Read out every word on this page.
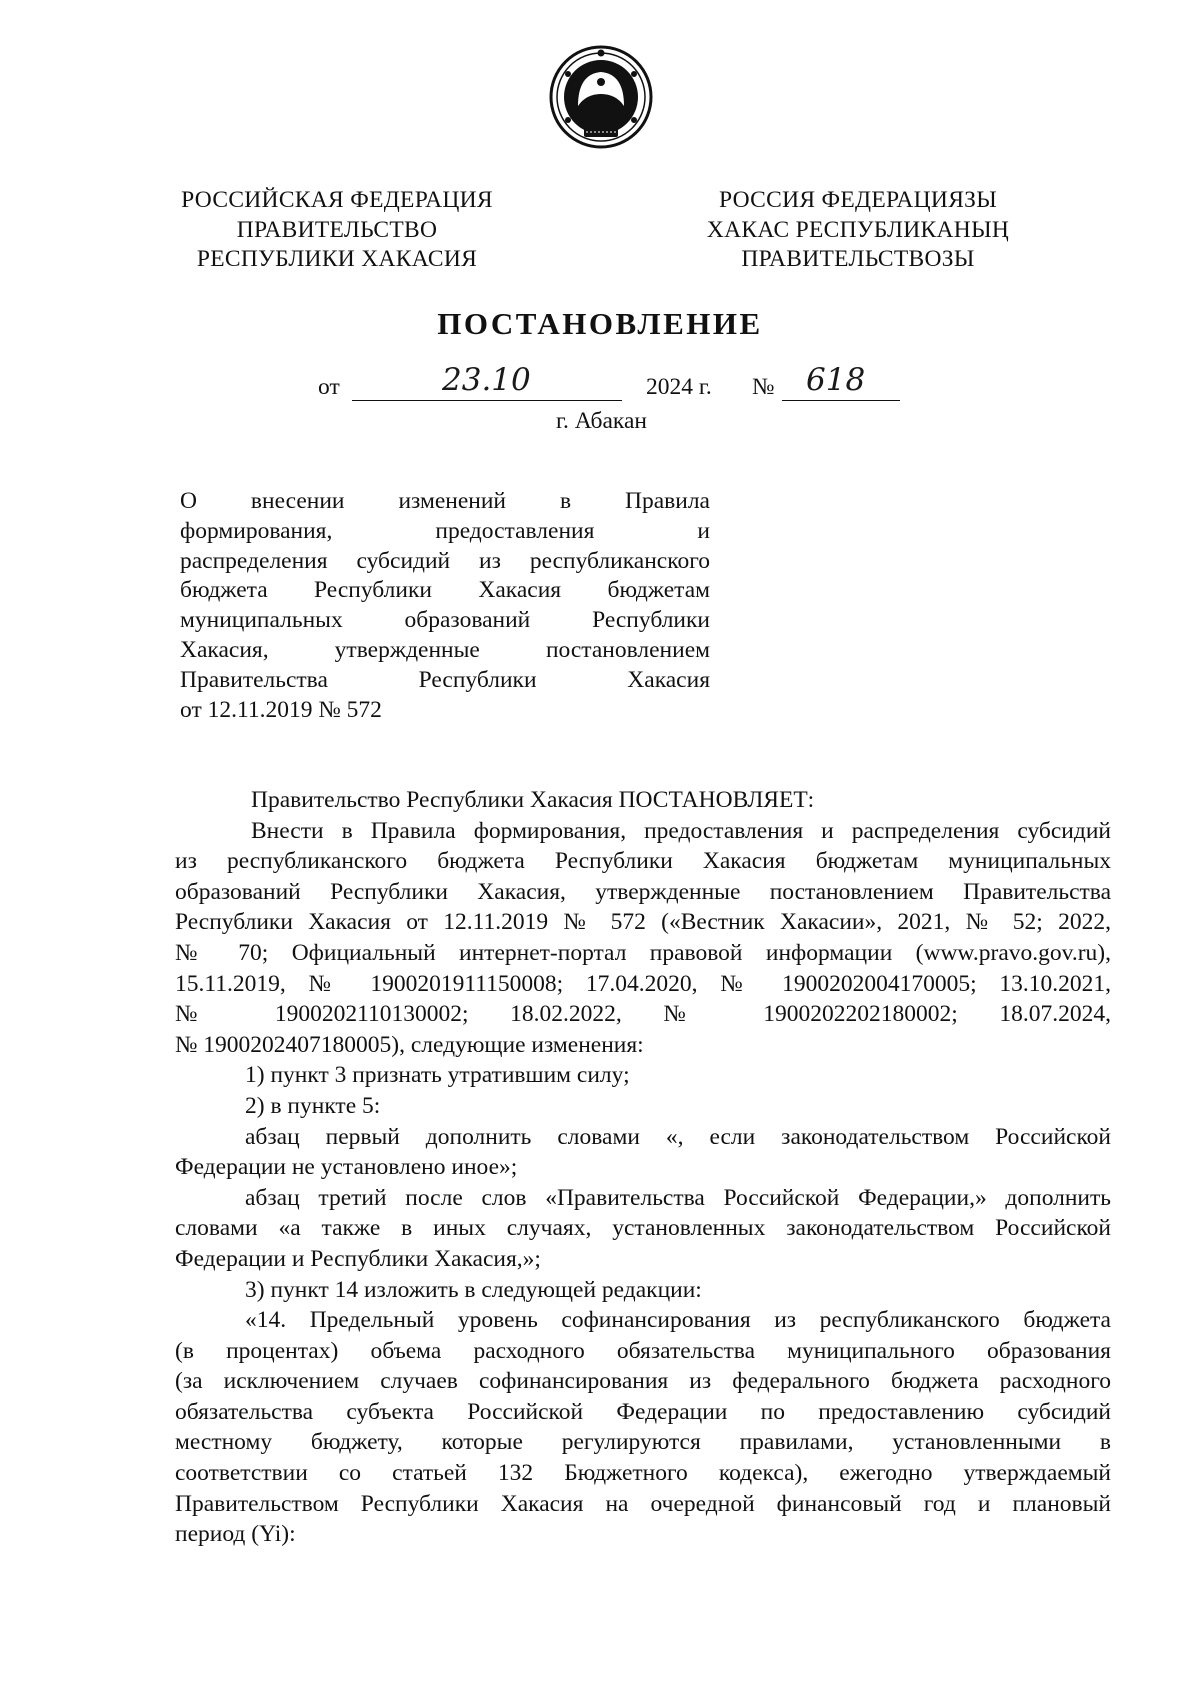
РОССИЙСКАЯ ФЕДЕРАЦИЯ
ПРАВИТЕЛЬСТВО
РЕСПУБЛИКИ ХАКАСИЯ
РОССИЯ ФЕДЕРАЦИЯЗЫ
ХАКАС РЕСПУБЛИКАНЫҢ
ПРАВИТЕЛЬСТВОЗЫ
ПОСТАНОВЛЕНИЕ
от	23.10	2024 г. № 618
г. Абакан
О внесении изменений в Правила
формирования, предоставления и
распределения субсидий из республиканского
бюджета Республики Хакасия бюджетам
муниципальных образований Республики
Хакасия, утвержденные постановлением
Правительства Республики Хакасия
от 12.11.2019 № 572
Правительство Республики Хакасия ПОСТАНОВЛЯЕТ:
Внести в Правила формирования, предоставления и распределения субсидий
из республиканского бюджета Республики Хакасия бюджетам муниципальных
образований Республики Хакасия, утвержденные постановлением Правительства
Республики Хакасия от 12.11.2019 № 572 («Вестник Хакасии», 2021, № 52; 2022,
№ 70; Официальный интернет-портал правовой информации (www.pravo.gov.ru),
15.11.2019, № 1900201911150008; 17.04.2020, № 1900202004170005; 13.10.2021,
№ 1900202110130002; 18.02.2022, № 1900202202180002; 18.07.2024,
№ 1900202407180005), следующие изменения:
1) пункт 3 признать утратившим силу;
2) в пункте 5:
абзац первый дополнить словами «, если законодательством Российской
Федерации не установлено иное»;
абзац третий после слов «Правительства Российской Федерации,» дополнить
словами «а также в иных случаях, установленных законодательством Российской
Федерации и Республики Хакасия,»;
3) пункт 14 изложить в следующей редакции:
«14. Предельный уровень софинансирования из республиканского бюджета
(в процентах) объема расходного обязательства муниципального образования
(за исключением случаев софинансирования из федерального бюджета расходного
обязательства субъекта Российской Федерации по предоставлению субсидий
местному бюджету, которые регулируются правилами, установленными в
соответствии со статьей 132 Бюджетного кодекса), ежегодно утверждаемый
Правительством Республики Хакасия на очередной финансовый год и плановый
период (Yi):
